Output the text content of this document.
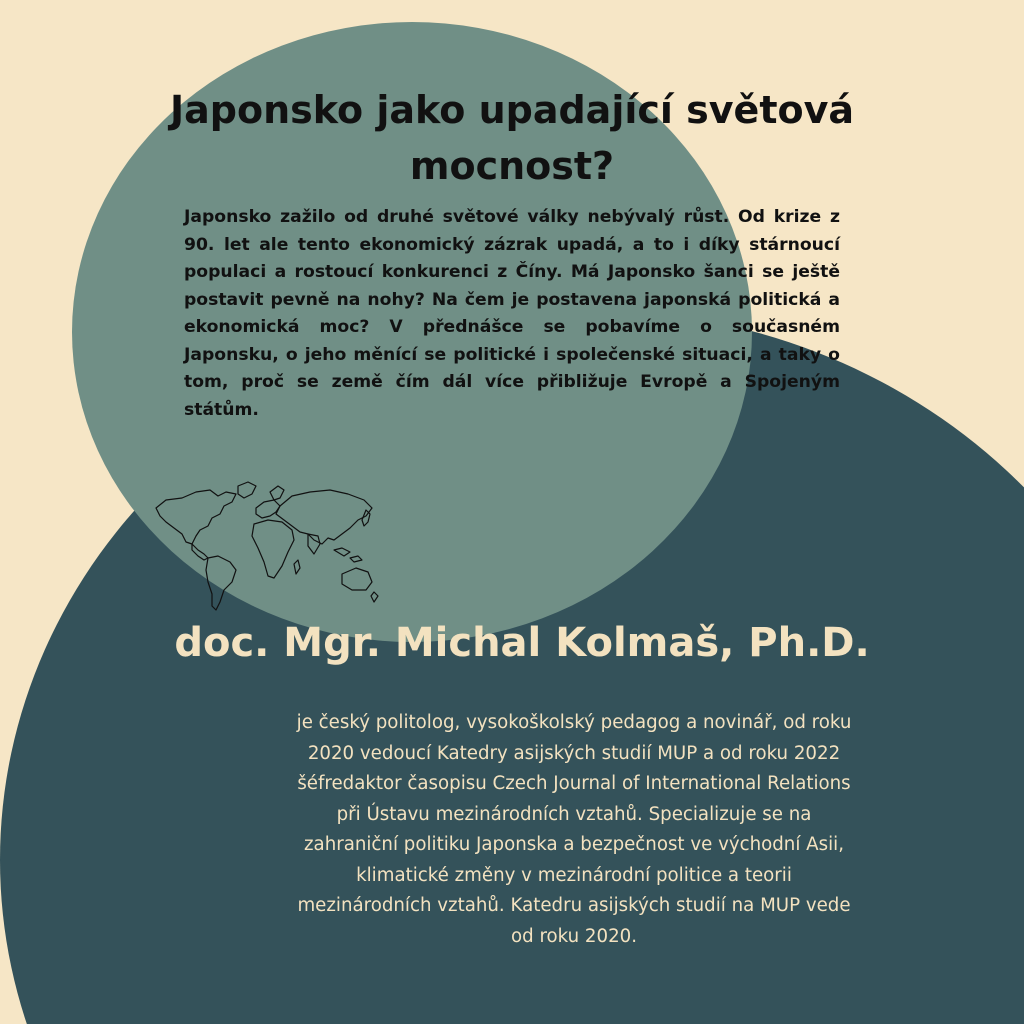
Japonsko jako upadající světová mocnost?

Japonsko zažilo od druhé světové války nebývalý růst. Od krize z 90. let ale tento ekonomický zázrak upadá, a to i díky stárnoucí populaci a rostoucí konkurenci z Číny. Má Japonsko šanci se ještě postavit pevně na nohy? Na čem je postavena japonská politická a ekonomická moc? V přednášce se pobavíme o současném Japonsku, o jeho měnící se politické i společenské situaci, a taky o tom, proč se země čím dál více přibližuje Evropě a Spojeným státům.

doc. Mgr. Michal Kolmaš, Ph.D.

je český politolog, vysokoškolský pedagog a novinář, od roku 2020 vedoucí Katedry asijských studií MUP a od roku 2022 šéfredaktor časopisu Czech Journal of International Relations při Ústavu mezinárodních vztahů. Specializuje se na zahraniční politiku Japonska a bezpečnost ve východní Asii, klimatické změny v mezinárodní politice a teorii mezinárodních vztahů. Katedru asijských studií na MUP vede od roku 2020.
